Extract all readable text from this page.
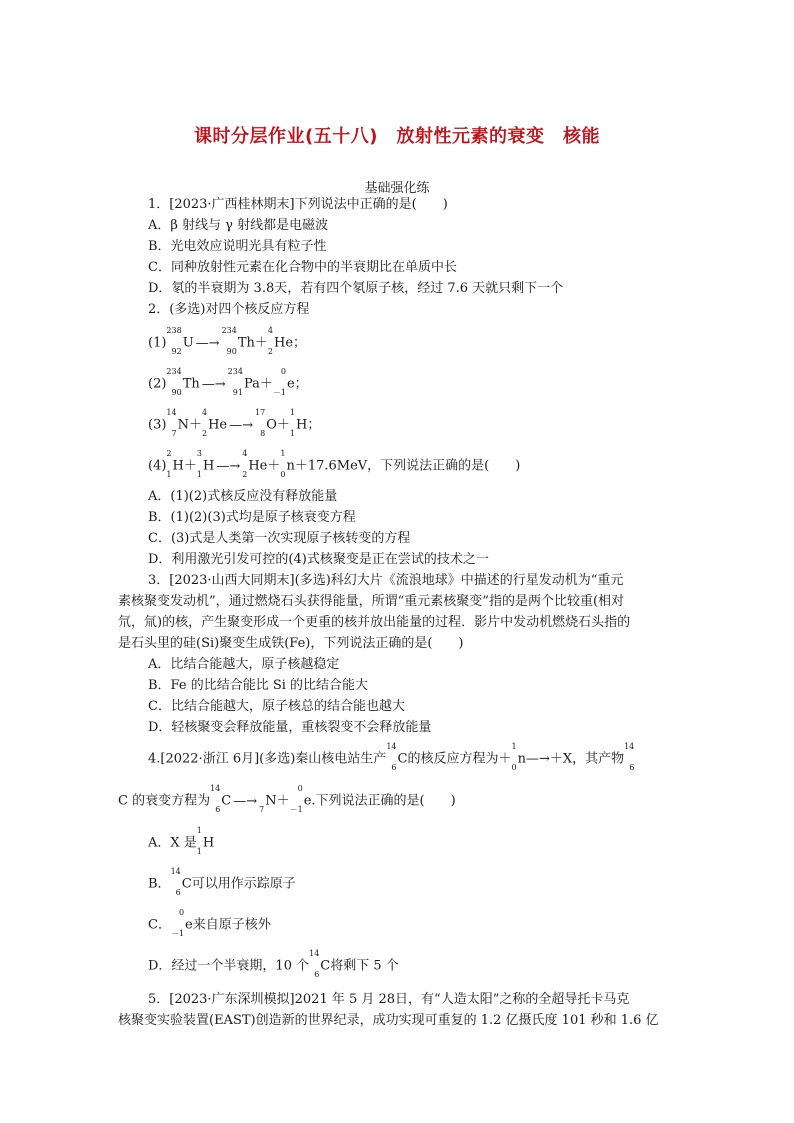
课时分层作业(五十八)　放射性元素的衰变　核能
基础强化练
1．[2023·广西桂林期末]下列说法中正确的是(　　)
A．β 射线与 γ 射线都是电磁波
B．光电效应说明光具有粒子性
C．同种放射性元素在化合物中的半衰期比在单质中长
D．氡的半衰期为 3.8天，若有四个氡原子核，经过 7.6 天就只剩下一个
2．(多选)对四个核反应方程
(1)
238
92
U —→
234
90
Th＋
4
2
He；
(2)
234
90
Th —→
234
91
Pa＋
0
－1
e；
(3)
14
7
N＋
4
2
He —→
17
8
O＋
1
1
H；
(4)
2
1
H＋
3
1
H —→
4
2
He＋
1
0
n＋17.6MeV，下列说法正确的是(　　)
A．(1)(2)式核反应没有释放能量
B．(1)(2)(3)式均是原子核衰变方程
C．(3)式是人类第一次实现原子核转变的方程
D．利用激光引发可控的(4)式核聚变是正在尝试的技术之一
3．[2023·山西大同期末](多选)科幻大片《流浪地球》中描述的行星发动机为“重元
素核聚变发动机”，通过燃烧石头获得能量，所谓“重元素核聚变”指的是两个比较重(相对
氘，氚)的核，产生聚变形成一个更重的核并放出能量的过程．影片中发动机燃烧石头指的
是石头里的硅(Si)聚变生成铁(Fe)，下列说法正确的是(　　)
A．比结合能越大，原子核越稳定
B．Fe 的比结合能比 Si 的比结合能大
C．比结合能越大，原子核总的结合能也越大
D．轻核聚变会释放能量，重核裂变不会释放能量
4.[2022·浙江 6月](多选)秦山核电站生产
14
6
C的核反应方程为＋
1
0
n—→＋X，其产物
14
6
C 的衰变方程为
14
6
C —→
7
N＋
0
－1
e.下列说法正确的是(　　)
A．X 是
1
1
H
B．
14
6
C可以用作示踪原子
C．
0
－1
e来自原子核外
D．经过一个半衰期，10 个
14
6
C将剩下 5 个
5．[2023·广东深圳模拟]2021 年 5 月 28日，有“人造太阳”之称的全超导托卡马克
核聚变实验装置(EAST)创造新的世界纪录，成功实现可重复的 1.2 亿摄氏度 101 秒和 1.6 亿
